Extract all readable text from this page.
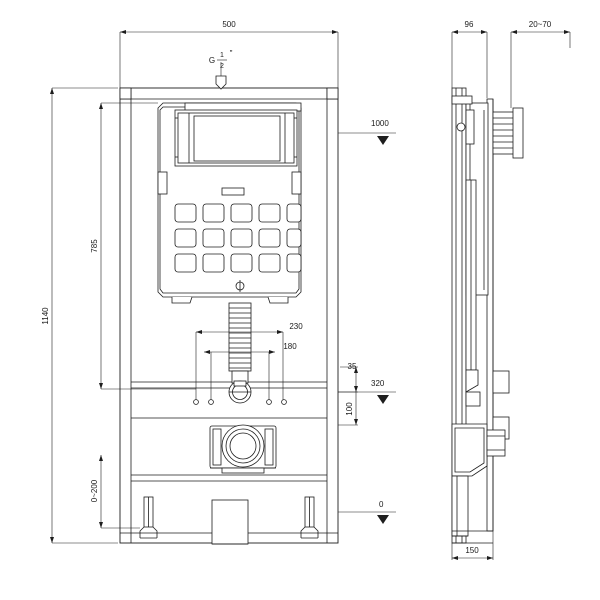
500
1140
785
0~200
230
180
35
100
96	20~70
150
1000
320
0
G
1
2
"
